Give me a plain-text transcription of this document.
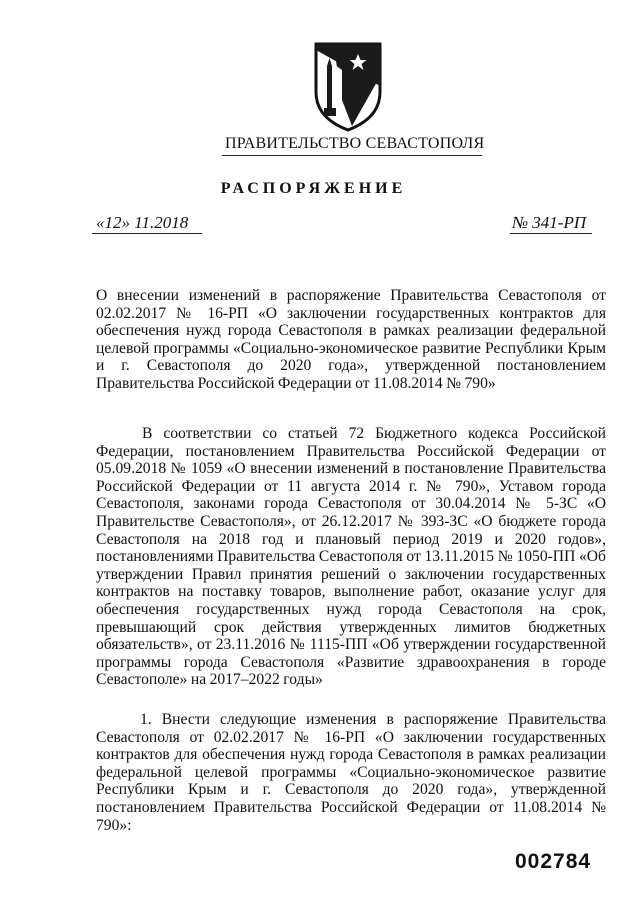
ПРАВИТЕЛЬСТВО СЕВАСТОПОЛЯ
РАСПОРЯЖЕНИЕ
«12» 11.2018	№ 341-РП
О внесении изменений в распоряжение Правительства Севастополя от 02.02.2017 № 16-РП «О заключении государственных контрактов для обеспечения нужд города Севастополя в рамках реализации федеральной целевой программы «Социально-экономическое развитие Республики Крым и г. Севастополя до 2020 года», утвержденной постановлением Правительства Российской Федерации от 11.08.2014 № 790»
В соответствии со статьей 72 Бюджетного кодекса Российской Федерации, постановлением Правительства Российской Федерации от 05.09.2018 № 1059 «О внесении изменений в постановление Правительства Российской Федерации от 11 августа 2014 г. № 790», Уставом города Севастополя, законами города Севастополя от 30.04.2014 № 5-ЗС «О Правительстве Севастополя», от 26.12.2017 № 393-ЗС «О бюджете города Севастополя на 2018 год и плановый период 2019 и 2020 годов», постановлениями Правительства Севастополя от 13.11.2015 № 1050-ПП «Об утверждении Правил принятия решений о заключении государственных контрактов на поставку товаров, выполнение работ, оказание услуг для обеспечения государственных нужд города Севастополя на срок, превышающий срок действия утвержденных лимитов бюджетных обязательств», от 23.11.2016 № 1115-ПП «Об утверждении государственной программы города Севастополя «Развитие здравоохранения в городе Севастополе» на 2017–2022 годы»
1. Внести следующие изменения в распоряжение Правительства Севастополя от 02.02.2017 № 16-РП «О заключении государственных контрактов для обеспечения нужд города Севастополя в рамках реализации федеральной целевой программы «Социально-экономическое развитие Республики Крым и г. Севастополя до 2020 года», утвержденной постановлением Правительства Российской Федерации от 11.08.2014 № 790»:
002784
